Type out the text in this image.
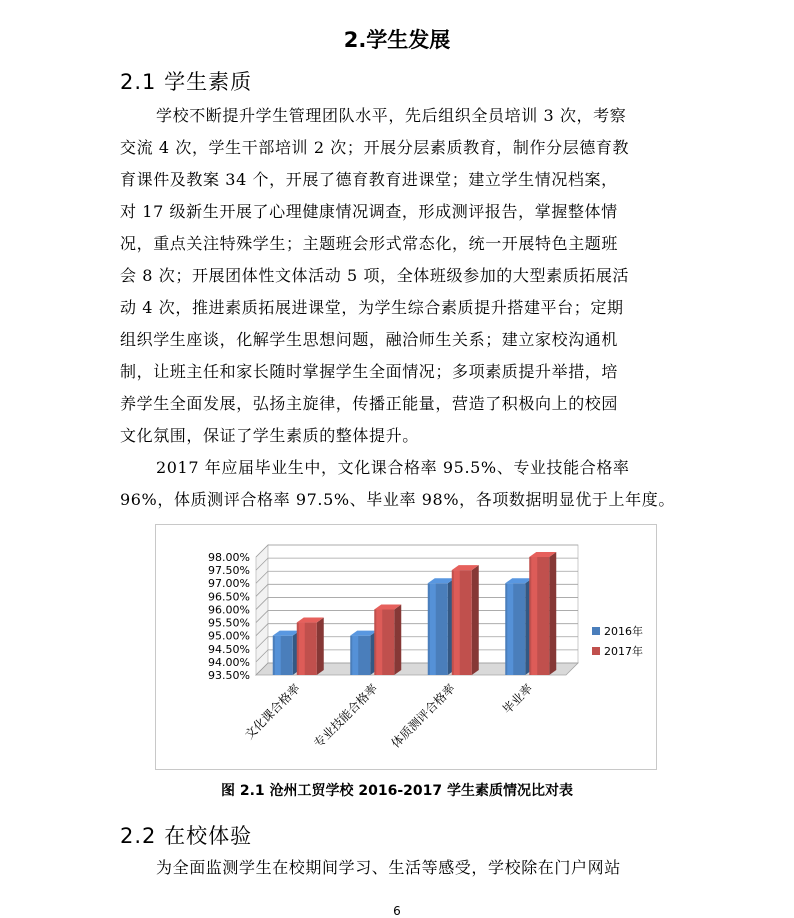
2.学生发展
2.1 学生素质

学校不断提升学生管理团队水平，先后组织全员培训 3 次，考察
交流 4 次，学生干部培训 2 次；开展分层素质教育，制作分层德育教
育课件及教案 34 个，开展了德育教育进课堂；建立学生情况档案，
对 17 级新生开展了心理健康情况调查，形成测评报告，掌握整体情
况，重点关注特殊学生；主题班会形式常态化，统一开展特色主题班
会 8 次；开展团体性文体活动 5 项，全体班级参加的大型素质拓展活
动 4 次，推进素质拓展进课堂，为学生综合素质提升搭建平台；定期
组织学生座谈，化解学生思想问题，融洽师生关系；建立家校沟通机
制，让班主任和家长随时掌握学生全面情况；多项素质提升举措，培
养学生全面发展，弘扬主旋律，传播正能量，营造了积极向上的校园
文化氛围，保证了学生素质的整体提升。

2017 年应届毕业生中，文化课合格率 95.5%、专业技能合格率
96%，体质测评合格率 97.5%、毕业率 98%，各项数据明显优于上年度。

93.50%
94.00%
94.50%
95.00%
95.50%
96.00%
96.50%
97.00%
97.50%
98.00%
文化课合格率 专业技能合格率 体质测评合格率	毕业率
2016年
2017年
图 2.1 沧州工贸学校 2016-2017 学生素质情况比对表
2.2 在校体验

为全面监测学生在校期间学习、生活等感受，学校除在门户网站

6
